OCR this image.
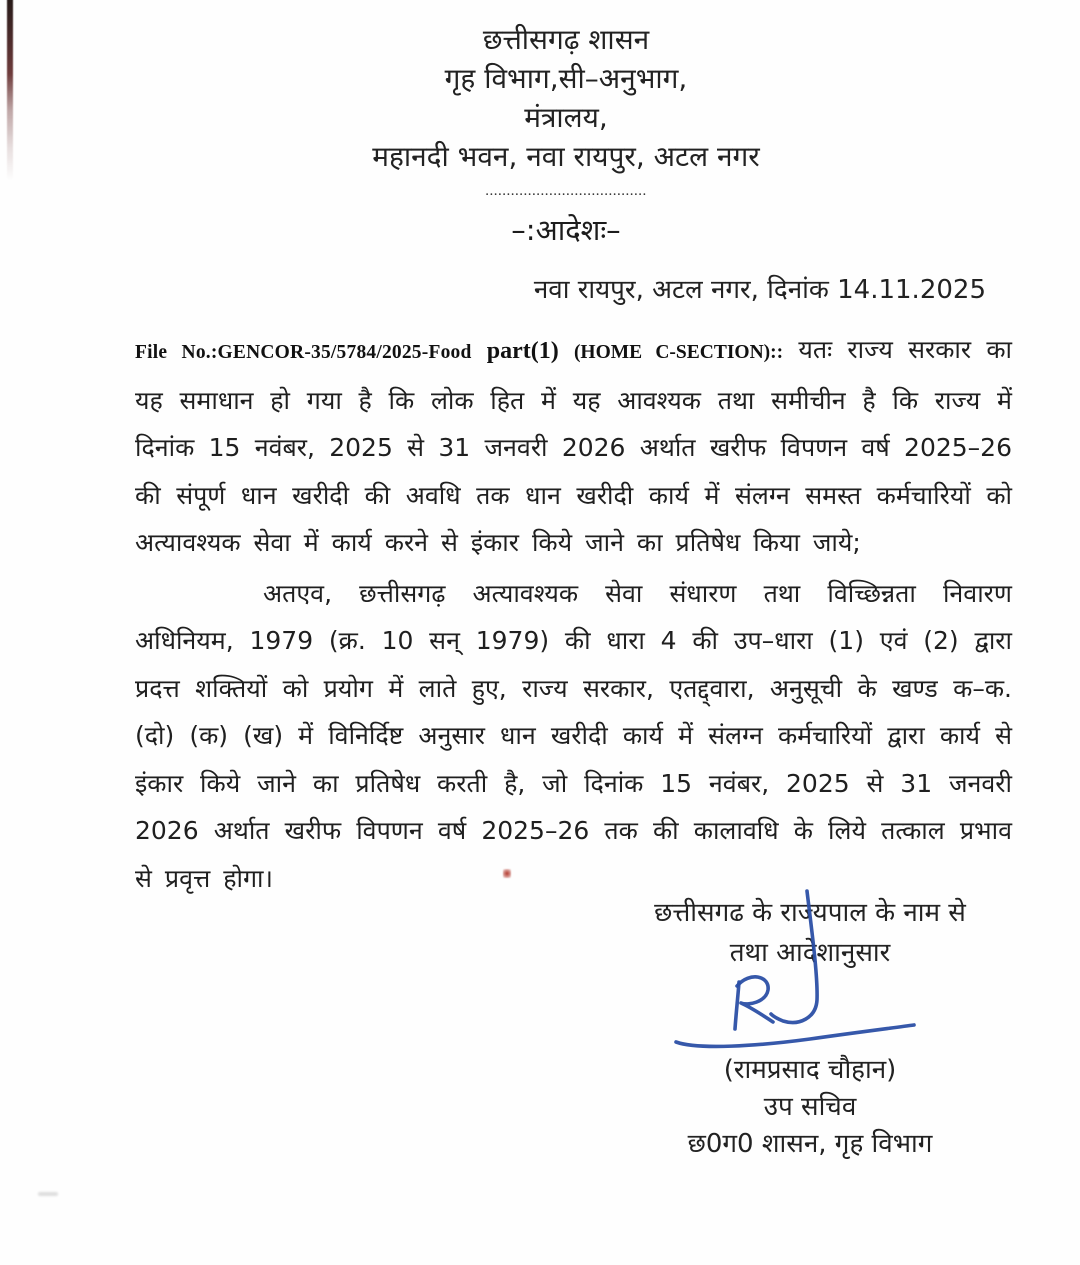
छत्तीसगढ़ शासन
गृह विभाग,सी–अनुभाग,
मंत्रालय,
महानदी भवन, नवा रायपुर, अटल नगर
......................................
–:आदेशः–
नवा रायपुर, अटल नगर, दिनांक 14.11.2025

File No.:GENCOR-35/5784/2025-Food part(1) (HOME C-SECTION):: यतः राज्य सरकार का यह समाधान हो गया है कि लोक हित में यह आवश्यक तथा समीचीन है कि राज्य में दिनांक 15 नवंबर, 2025 से 31 जनवरी 2026 अर्थात खरीफ विपणन वर्ष 2025–26 की संपूर्ण धान खरीदी की अवधि तक धान खरीदी कार्य में संलग्न समस्त कर्मचारियों को अत्यावश्यक सेवा में कार्य करने से इंकार किये जाने का प्रतिषेध किया जाये;

अतएव, छत्तीसगढ़ अत्यावश्यक सेवा संधारण तथा विच्छिन्नता निवारण अधिनियम, 1979 (क्र. 10 सन् 1979) की धारा 4 की उप–धारा (1) एवं (2) द्वारा प्रदत्त शक्तियों को प्रयोग में लाते हुए, राज्य सरकार, एतद्द्वारा, अनुसूची के खण्ड क–क. (दो) (क) (ख) में विनिर्दिष्ट अनुसार धान खरीदी कार्य में संलग्न कर्मचारियों द्वारा कार्य से इंकार किये जाने का प्रतिषेध करती है, जो दिनांक 15 नवंबर, 2025 से 31 जनवरी 2026 अर्थात खरीफ विपणन वर्ष 2025–26 तक की कालावधि के लिये तत्काल प्रभाव से प्रवृत्त होगा।

छत्तीसगढ के राज्यपाल के नाम से
तथा आदेशानुसार
(रामप्रसाद चौहान)
उप सचिव
छ0ग0 शासन, गृह विभाग
